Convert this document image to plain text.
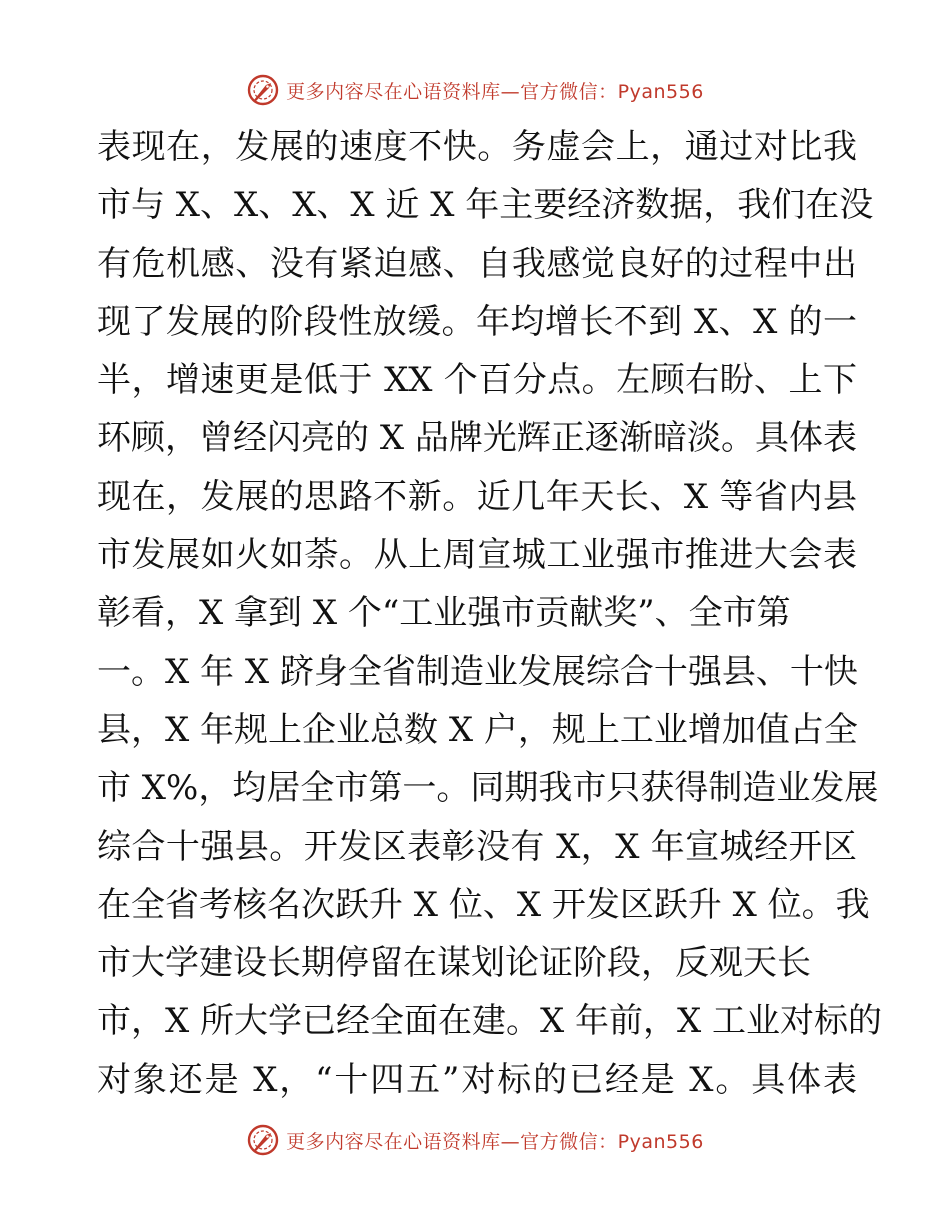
更多内容尽在心语资料库—官方微信：Pyan556
表现在，发展的速度不快。务虚会上，通过对比我
市与 X、X、X、X 近 X 年主要经济数据，我们在没
有危机感、没有紧迫感、自我感觉良好的过程中出
现了发展的阶段性放缓。年均增长不到 X、X 的一
半，增速更是低于 XX 个百分点。左顾右盼、上下
环顾，曾经闪亮的 X 品牌光辉正逐渐暗淡。具体表
现在，发展的思路不新。近几年天长、X 等省内县
市发展如火如荼。从上周宣城工业强市推进大会表
彰看，X 拿到 X 个“工业强市贡献奖”、全市第
一。X 年 X 跻身全省制造业发展综合十强县、十快
县，X 年规上企业总数 X 户，规上工业增加值占全
市 X%，均居全市第一。同期我市只获得制造业发展
综合十强县。开发区表彰没有 X，X 年宣城经开区
在全省考核名次跃升 X 位、X 开发区跃升 X 位。我
市大学建设长期停留在谋划论证阶段，反观天长
市，X 所大学已经全面在建。X 年前，X 工业对标的
对象还是 X，“十四五”对标的已经是 X。具体表
更多内容尽在心语资料库—官方微信：Pyan556
